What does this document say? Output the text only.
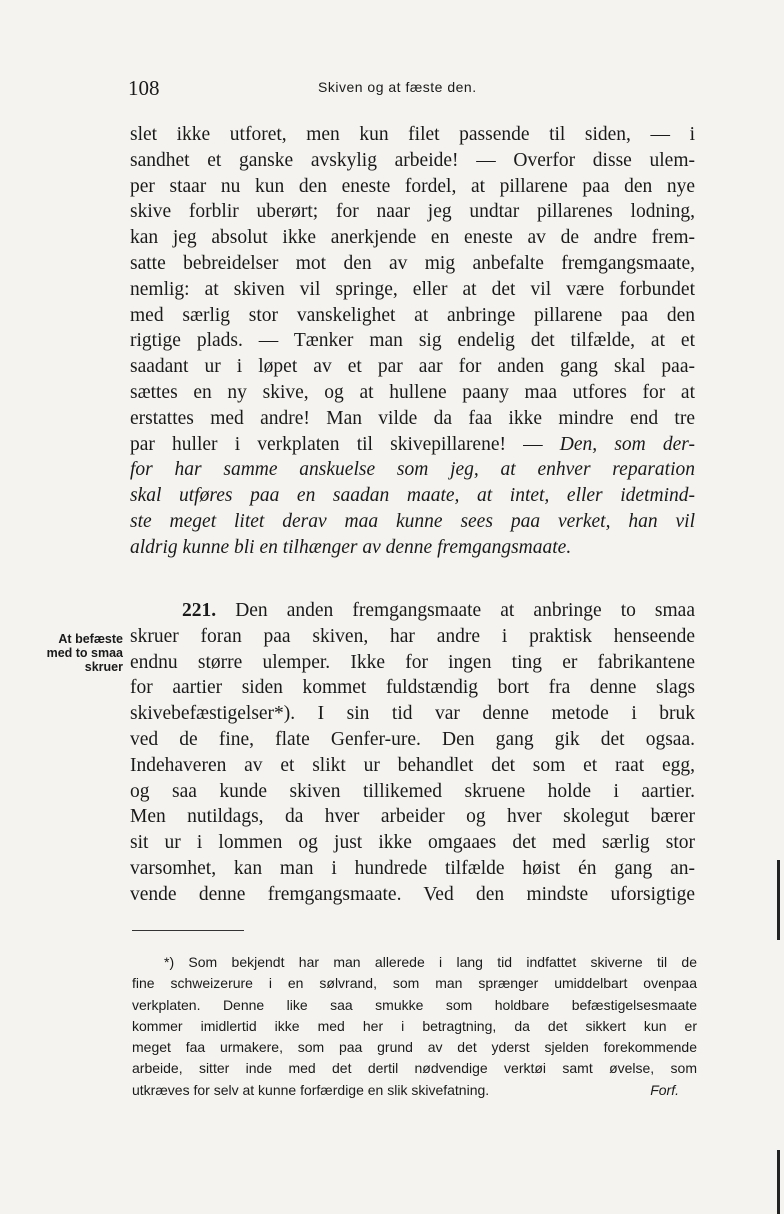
108	Skiven og at fæste den.
slet ikke utforet, men kun filet passende til siden, — i
sandhet et ganske avskylig arbeide! — Overfor disse ulem-
per staar nu kun den eneste fordel, at pillarene paa den nye
skive forblir uberørt; for naar jeg undtar pillarenes lodning,
kan jeg absolut ikke anerkjende en eneste av de andre frem-
satte bebreidelser mot den av mig anbefalte fremgangsmaate,
nemlig: at skiven vil springe, eller at det vil være forbundet
med særlig stor vanskelighet at anbringe pillarene paa den
rigtige plads. — Tænker man sig endelig det tilfælde, at et
saadant ur i løpet av et par aar for anden gang skal paa-
sættes en ny skive, og at hullene paany maa utfores for at
erstattes med andre! Man vilde da faa ikke mindre end tre
par huller i verkplaten til skivepillarene! — Den, som der-
for har samme anskuelse som jeg, at enhver reparation
skal utføres paa en saadan maate, at intet, eller idetmind-
ste meget litet derav maa kunne sees paa verket, han vil
aldrig kunne bli en tilhænger av denne fremgangsmaate.
At befæste
med to smaa
skruer
221. Den anden fremgangsmaate at anbringe to smaa
skruer foran paa skiven, har andre i praktisk henseende
endnu større ulemper. Ikke for ingen ting er fabrikantene
for aartier siden kommet fuldstændig bort fra denne slags
skivebefæstigelser*). I sin tid var denne metode i bruk
ved de fine, flate Genfer-ure. Den gang gik det ogsaa.
Indehaveren av et slikt ur behandlet det som et raat egg,
og saa kunde skiven tillikemed skruene holde i aartier.
Men nutildags, da hver arbeider og hver skolegut bærer
sit ur i lommen og just ikke omgaaes det med særlig stor
varsomhet, kan man i hundrede tilfælde høist én gang an-
vende denne fremgangsmaate. Ved den mindste uforsigtige
*) Som bekjendt har man allerede i lang tid indfattet skiverne til de
fine schweizerure i en sølvrand, som man sprænger umiddelbart ovenpaa
verkplaten. Denne like saa smukke som holdbare befæstigelsesmaate
kommer imidlertid ikke med her i betragtning, da det sikkert kun er
meget faa urmakere, som paa grund av det yderst sjelden forekommende
arbeide, sitter inde med det dertil nødvendige verktøi samt øvelse, som
utkræves for selv at kunne forfærdige en slik skivefatning.	Forf.
